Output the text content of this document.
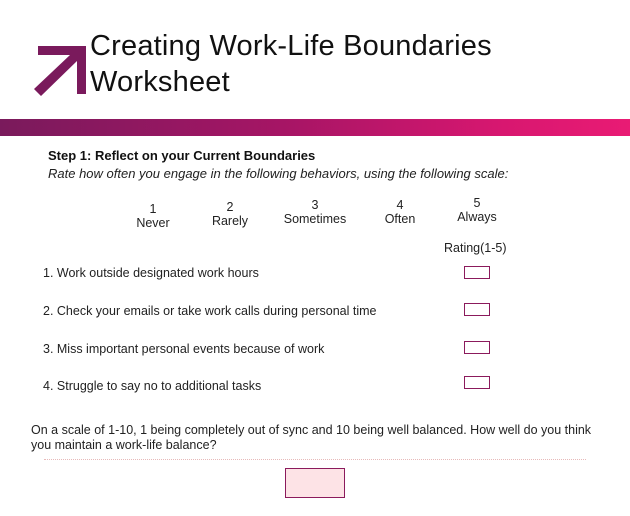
Creating Work-Life Boundaries
Worksheet
Step 1: Reflect on your Current Boundaries
Rate how often you engage in the following behaviors, using the following scale:
1
Never
2
Rarely
3
Sometimes
4
Often
5
Always
Rating(1-5)
1. Work outside designated work hours
2. Check your emails or take work calls during personal time
3. Miss important personal events because of work
4. Struggle to say no to additional tasks
On a scale of 1-10, 1 being completely out of sync and 10 being well balanced. How well do you think you maintain a work-life balance?
